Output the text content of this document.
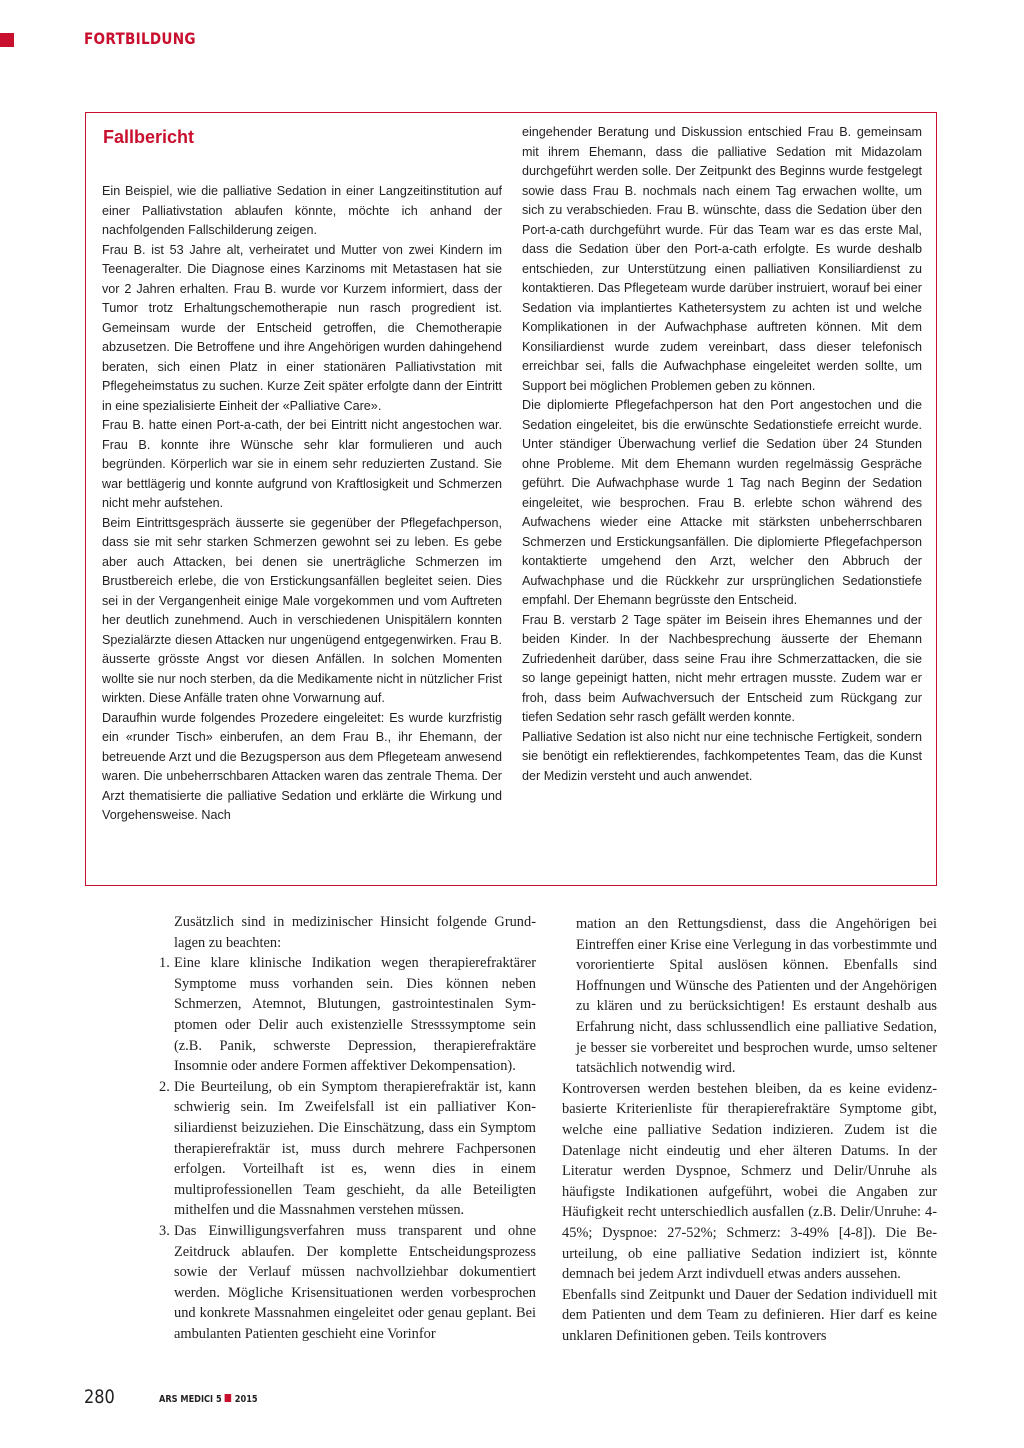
FORTBILDUNG
Fallbericht

Ein Beispiel, wie die palliative Sedation in einer Langzeitinstitution auf einer Palliativstation ablaufen könnte, möchte ich anhand der nachfolgenden Fallschilderung zeigen.

Frau B. ist 53 Jahre alt, verheiratet und Mutter von zwei Kindern im Teenageralter. Die Diagnose eines Karzinoms mit Metastasen hat sie vor 2 Jahren erhalten. Frau B. wurde vor Kurzem informiert, dass der Tumor trotz Erhaltungschemotherapie nun rasch progredient ist. Gemeinsam wurde der Entscheid getroffen, die Chemotherapie abzusetzen. Die Betroffene und ihre Angehörigen wurden dahingehend beraten, sich einen Platz in einer stationären Palliativstation mit Pflegeheimstatus zu suchen. Kurze Zeit später erfolgte dann der Eintritt in eine spezialisierte Einheit der «Palliative Care».

Frau B. hatte einen Port-a-cath, der bei Eintritt nicht angestochen war. Frau B. konnte ihre Wünsche sehr klar formulieren und auch begründen. Körperlich war sie in einem sehr reduzierten Zustand. Sie war bettlägerig und konnte aufgrund von Kraftlosigkeit und Schmerzen nicht mehr aufstehen.

Beim Eintrittsgespräch äusserte sie gegenüber der Pflegefachperson, dass sie mit sehr starken Schmerzen gewohnt sei zu leben. Es gebe aber auch Attacken, bei denen sie unerträgliche Schmerzen im Brustbereich erlebe, die von Erstickungsanfällen begleitet seien. Dies sei in der Vergangenheit einige Male vorgekommen und vom Auftreten her deutlich zunehmend. Auch in verschiedenen Unispitälern konnten Spezialärzte diesen Attacken nur ungenügend entgegenwirken. Frau B. äusserte grösste Angst vor diesen Anfällen. In solchen Momenten wollte sie nur noch sterben, da die Medikamente nicht in nützlicher Frist wirkten. Diese Anfälle traten ohne Vorwarnung auf.

Daraufhin wurde folgendes Prozedere eingeleitet: Es wurde kurzfristig ein «runder Tisch» einberufen, an dem Frau B., ihr Ehemann, der betreuende Arzt und die Bezugsperson aus dem Pflegeteam anwesend waren. Die unbeherrschbaren Attacken waren das zentrale Thema. Der Arzt thematisierte die palliative Sedation und erklärte die Wirkung und Vorgehensweise. Nach

eingehender Beratung und Diskussion entschied Frau B. gemeinsam mit ihrem Ehemann, dass die palliative Sedation mit Midazolam durchgeführt werden solle. Der Zeitpunkt des Beginns wurde festgelegt sowie dass Frau B. nochmals nach einem Tag erwachen wollte, um sich zu verabschieden. Frau B. wünschte, dass die Sedation über den Port-a-cath durchgeführt wurde. Für das Team war es das erste Mal, dass die Sedation über den Port-a-cath erfolgte. Es wurde deshalb entschieden, zur Unterstützung einen palliativen Konsiliardienst zu kontaktieren. Das Pflegeteam wurde darüber instruiert, worauf bei einer Sedation via implantiertes Kathetersystem zu achten ist und welche Komplikationen in der Aufwachphase auftreten können. Mit dem Konsiliardienst wurde zudem vereinbart, dass dieser telefonisch erreichbar sei, falls die Aufwachphase eingeleitet werden sollte, um Support bei möglichen Problemen geben zu können.

Die diplomierte Pflegefachperson hat den Port angestochen und die Sedation eingeleitet, bis die erwünschte Sedationstiefe erreicht wurde. Unter ständiger Überwachung verlief die Sedation über 24 Stunden ohne Probleme. Mit dem Ehemann wurden regelmässig Gespräche geführt. Die Aufwachphase wurde 1 Tag nach Beginn der Sedation eingeleitet, wie besprochen. Frau B. erlebte schon während des Aufwachens wieder eine Attacke mit stärksten unbeherrschbaren Schmerzen und Erstickungsanfällen. Die diplomierte Pflegefachperson kontaktierte umgehend den Arzt, welcher den Abbruch der Aufwachphase und die Rückkehr zur ursprünglichen Sedationstiefe empfahl. Der Ehemann begrüsste den Entscheid.

Frau B. verstarb 2 Tage später im Beisein ihres Ehemannes und der beiden Kinder. In der Nachbesprechung äusserte der Ehemann Zufriedenheit darüber, dass seine Frau ihre Schmerzattacken, die sie so lange gepeinigt hatten, nicht mehr ertragen musste. Zudem war er froh, dass beim Aufwachversuch der Entscheid zum Rückgang zur tiefen Sedation sehr rasch gefällt werden konnte.

Palliative Sedation ist also nicht nur eine technische Fertigkeit, sondern sie benötigt ein reflektierendes, fachkompetentes Team, das die Kunst der Medizin versteht und auch anwendet.

Zusätzlich sind in medizinischer Hinsicht folgende Grundlagen zu beachten:

1. Eine klare klinische Indikation wegen therapierefraktärer Symptome muss vorhanden sein. Dies können neben Schmerzen, Atemnot, Blutungen, gastrointestinalen Symptomen oder Delir auch existenzielle Stresssymptome sein (z.B. Panik, schwerste Depression, therapierefraktäre Insomnie oder andere Formen affektiver Dekompensation).
2. Die Beurteilung, ob ein Symptom therapierefraktär ist, kann schwierig sein. Im Zweifelsfall ist ein palliativer Konsiliardienst beizuziehen. Die Einschätzung, dass ein Symptom therapierefraktär ist, muss durch mehrere Fachpersonen erfolgen. Vorteilhaft ist es, wenn dies in einem multiprofessionellen Team geschieht, da alle Beteiligten mithelfen und die Massnahmen verstehen müssen.
3. Das Einwilligungsverfahren muss transparent und ohne Zeitdruck ablaufen. Der komplette Entscheidungsprozess sowie der Verlauf müssen nachvollziehbar dokumentiert werden. Mögliche Krisensituationen werden vorbesprochen und konkrete Massnahmen eingeleitet oder genau geplant. Bei ambulanten Patienten geschieht eine Vorinfor

mation an den Rettungsdienst, dass die Angehörigen bei Eintreffen einer Krise eine Verlegung in das vorbestimmte und vororientierte Spital auslösen können. Ebenfalls sind Hoffnungen und Wünsche des Patienten und der Angehörigen zu klären und zu berücksichtigen! Es erstaunt deshalb aus Erfahrung nicht, dass schlussendlich eine palliative Sedation, je besser sie vorbereitet und besprochen wurde, umso seltener tatsächlich notwendig wird.

Kontroversen werden bestehen bleiben, da es keine evidenzbasierte Kriterienliste für therapierefraktäre Symptome gibt, welche eine palliative Sedation indizieren. Zudem ist die Datenlage nicht eindeutig und eher älteren Datums. In der Literatur werden Dyspnoe, Schmerz und Delir/Unruhe als häufigste Indikationen aufgeführt, wobei die Angaben zur Häufigkeit recht unterschiedlich ausfallen (z.B. Delir/Unruhe: 4-45%; Dyspnoe: 27-52%; Schmerz: 3-49% [4-8]). Die Beurteilung, ob eine palliative Sedation indiziert ist, könnte demnach bei jedem Arzt indivduell etwas anders aussehen.

Ebenfalls sind Zeitpunkt und Dauer der Sedation individuell mit dem Patienten und dem Team zu definieren. Hier darf es keine unklaren Definitionen geben. Teils kontrovers

280	ARS MEDICI 5 2015
